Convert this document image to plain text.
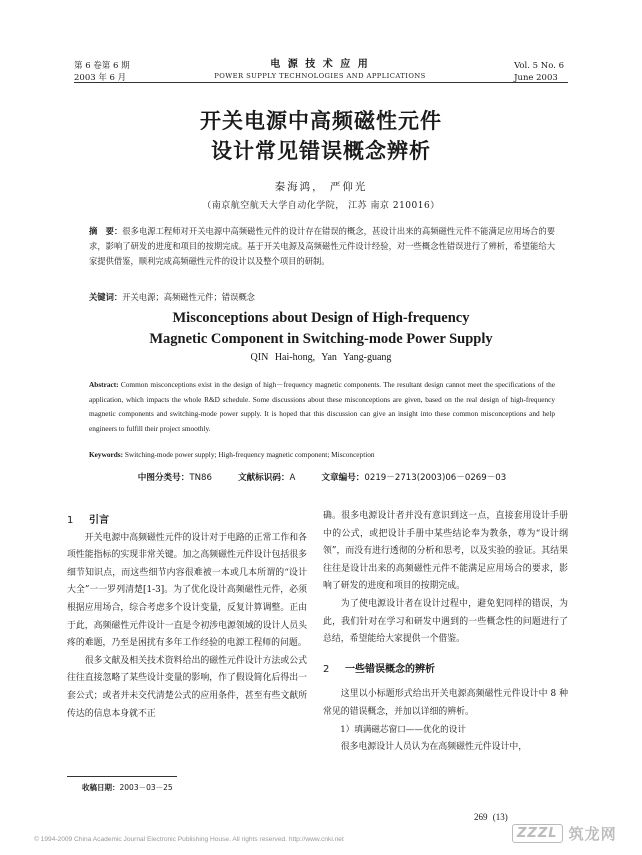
第 6 卷第 6 期
2003 年 6 月
电 源 技 术 应 用
POWER SUPPLY TECHNOLOGIES AND APPLICATIONS
Vol. 5 No. 6
June 2003
开关电源中高频磁性元件
设计常见错误概念辨析
秦海鸿， 严仰光
（南京航空航天大学自动化学院， 江苏 南京 210016）
摘　要：很多电源工程师对开关电源中高频磁性元件的设计存在错误的概念，甚设计出来的高频磁性元件不能满足应用场合的要求，影响了研发的进度和项目的按期完成。基于开关电源及高频磁性元件设计经验，对一些概念性错误进行了辨析，希望能给大家提供借鉴，顺利完成高频磁性元件的设计以及整个项目的研制。
关键词：开关电源；高频磁性元件；错误概念
Misconceptions about Design of High-frequency
Magnetic Component in Switching-mode Power Supply
QIN Hai-hong, Yan Yang-guang
Abstract: Common misconceptions exist in the design of high－frequency magnetic components. The resultant design cannot meet the specifications of the application, which impacts the whole R&D schedule. Some discussions about these misconceptions are given, based on the real design of high-frequency magnetic components and switching-mode power supply. It is hoped that this discussion can give an insight into these common misconceptions and help engineers to fulfill their project smoothly.
Keywords: Switching-mode power supply; High-frequency magnetic component; Misconception
中图分类号：TN86	文献标识码：A	文章编号：0219－2713(2003)06－0269－03

1 引言

开关电源中高频磁性元件的设计对于电路的正常工作和各项性能指标的实现非常关键。加之高频磁性元件设计包括很多细节知识点，而这些细节内容很难被一本或几本所谓的“设计大全”一一罗列清楚[1-3]。为了优化设计高频磁性元件，必须根据应用场合，综合考虑多个设计变量，反复计算调整。正由于此，高频磁性元件设计一直是令初涉电源领域的设计人员头疼的难题，乃至是困扰有多年工作经验的电源工程师的问题。

很多文献及相关技术资料给出的磁性元件设计方法或公式往往直接忽略了某些设计变量的影响，作了假设简化后得出一套公式；或者并未交代清楚公式的应用条件，甚至有些文献所传达的信息本身就不正

确。很多电源设计者并没有意识到这一点，直接套用设计手册中的公式，或把设计手册中某些结论奉为教条，尊为“设计纲领”，而没有进行透彻的分析和思考，以及实验的验证。其结果往往是设计出来的高频磁性元件不能满足应用场合的要求，影响了研发的进度和项目的按期完成。

为了使电源设计者在设计过程中，避免犯同样的错误，为此，我们针对在学习和研发中遇到的一些概念性的问题进行了总结，希望能给大家提供一个借鉴。

2 一些错误概念的辨析

这里以小标题形式给出开关电源高频磁性元件设计中 8 种常见的错误概念，并加以详细的辨析。

1）填满磁芯窗口——优化的设计

很多电源设计人员认为在高频磁性元件设计中，

收稿日期：2003－03－25
269 (13)
© 1994-2009 China Academic Journal Electronic Publishing House. All rights reserved. http://www.cnki.net	ZZZL 筑龙网
